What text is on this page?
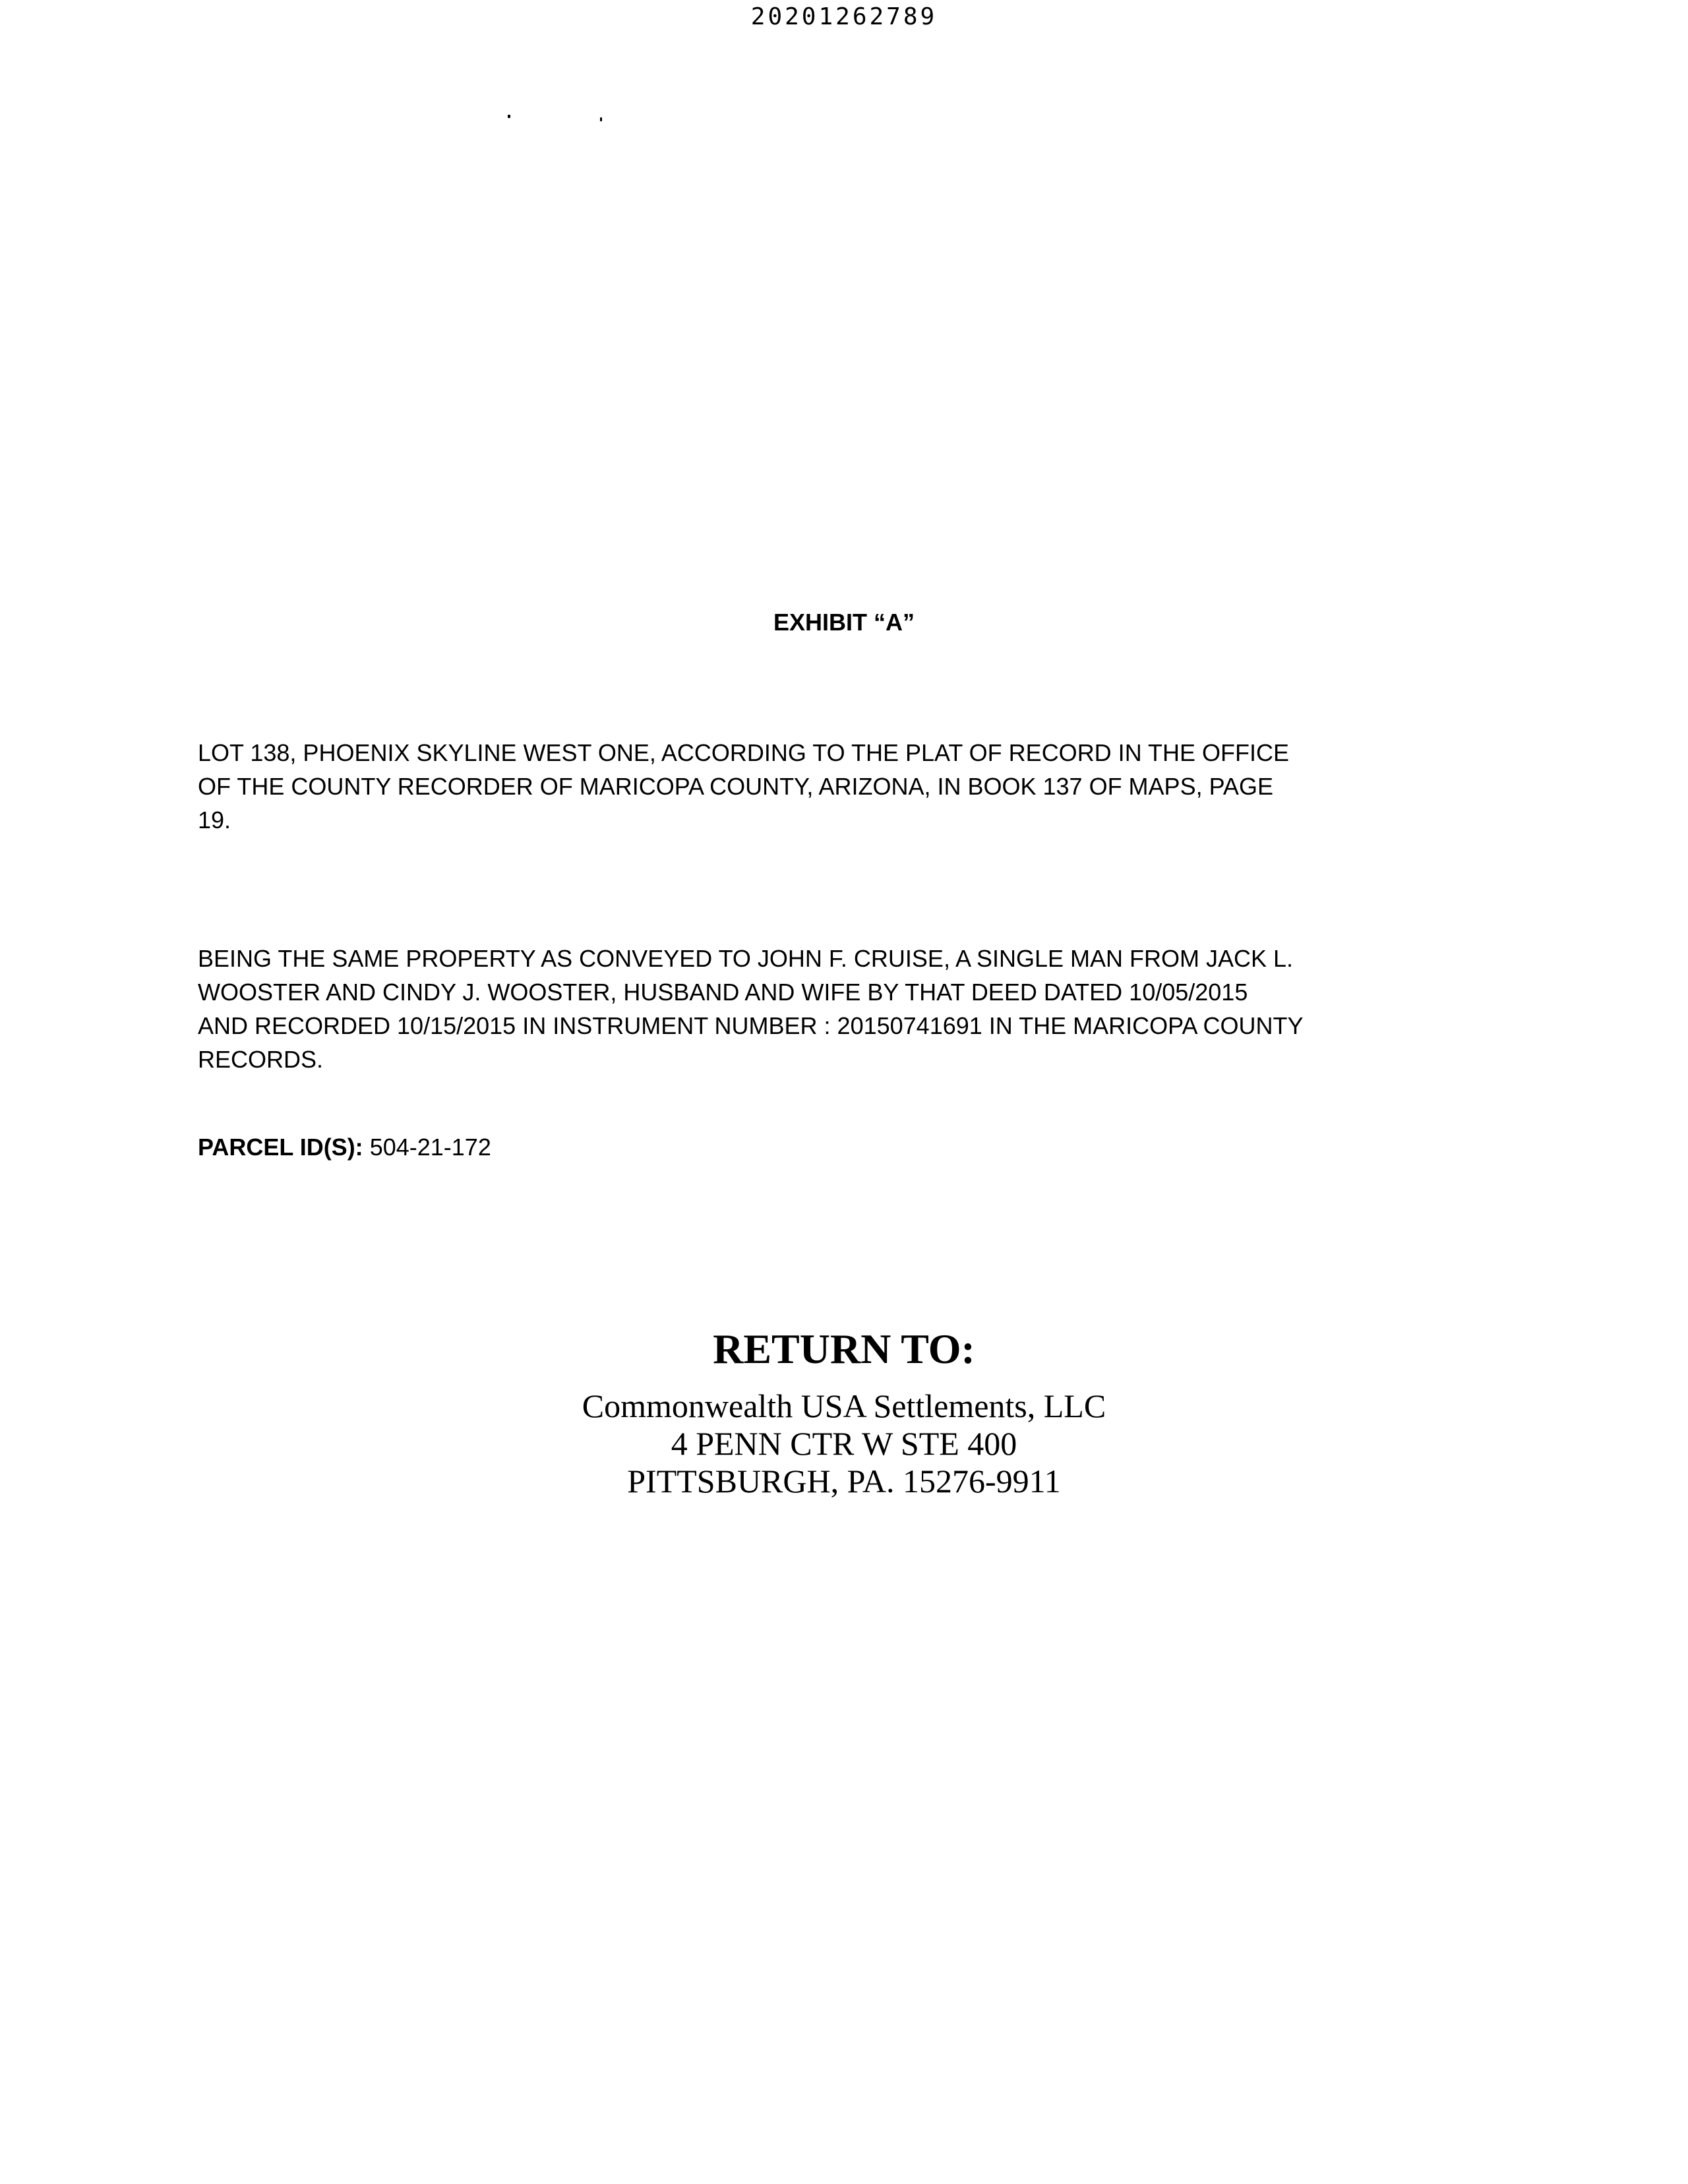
20201262789
EXHIBIT “A”
LOT 138, PHOENIX SKYLINE WEST ONE, ACCORDING TO THE PLAT OF RECORD IN THE OFFICE
OF THE COUNTY RECORDER OF MARICOPA COUNTY, ARIZONA, IN BOOK 137 OF MAPS, PAGE
19.
BEING THE SAME PROPERTY AS CONVEYED TO JOHN F. CRUISE, A SINGLE MAN FROM JACK L.
WOOSTER AND CINDY J. WOOSTER, HUSBAND AND WIFE BY THAT DEED DATED 10/05/2015
AND RECORDED 10/15/2015 IN INSTRUMENT NUMBER : 20150741691 IN THE MARICOPA COUNTY
RECORDS.
PARCEL ID(S): 504-21-172
RETURN TO:
Commonwealth USA Settlements, LLC
4 PENN CTR W STE 400
PITTSBURGH, PA. 15276-9911
